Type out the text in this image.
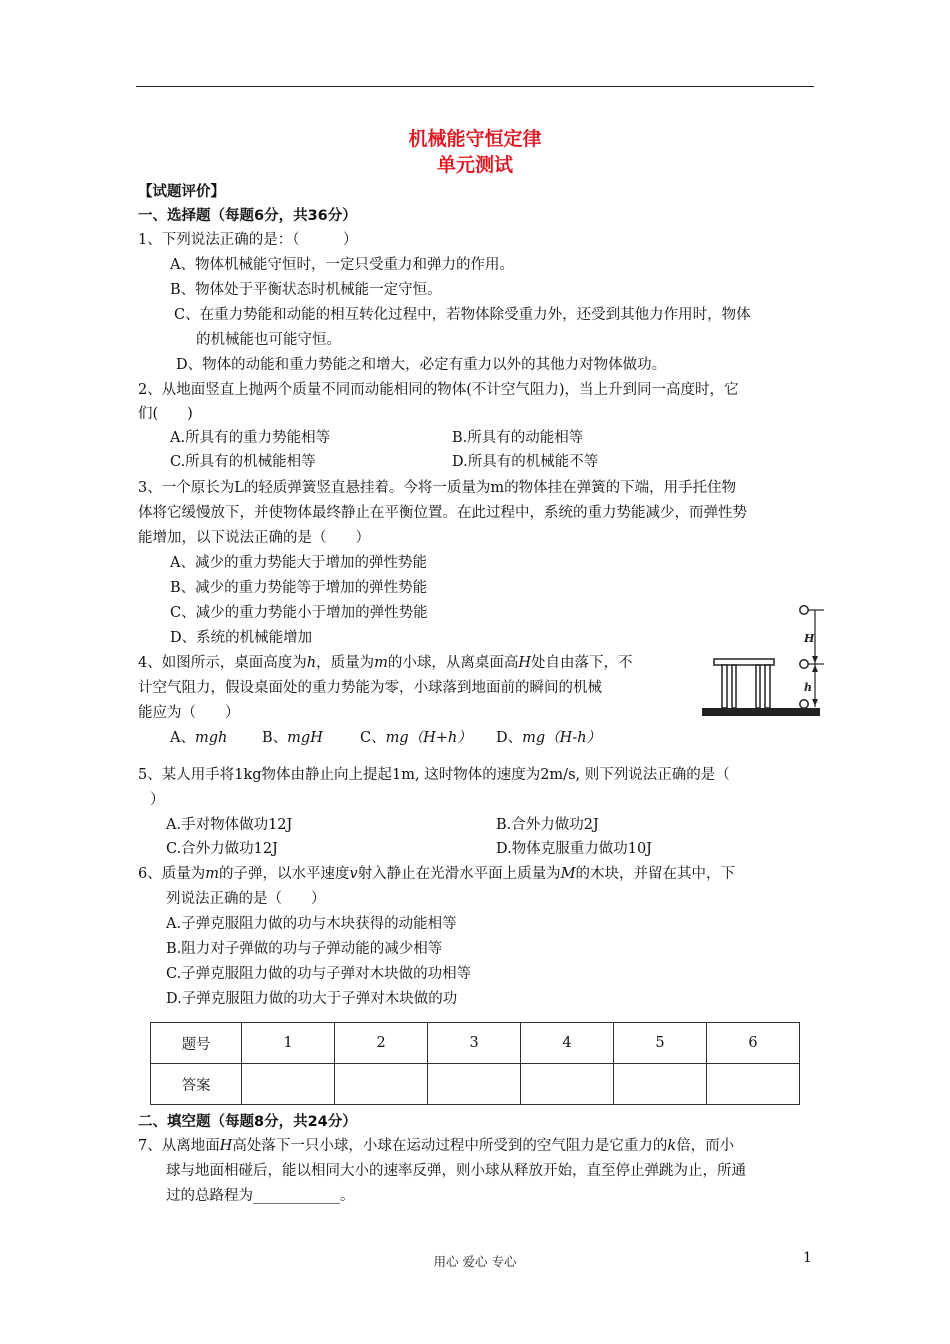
机械能守恒定律
单元测试
【试题评价】
一、选择题（每题6分，共36分）
1、下列说法正确的是：（　　　）
A、物体机械能守恒时，一定只受重力和弹力的作用。
B、物体处于平衡状态时机械能一定守恒。
C、在重力势能和动能的相互转化过程中，若物体除受重力外，还受到其他力作用时，物体
的机械能也可能守恒。
D、物体的动能和重力势能之和增大，必定有重力以外的其他力对物体做功。
2、从地面竖直上抛两个质量不同而动能相同的物体(不计空气阻力)，当上升到同一高度时，它
们(　　)
A.所具有的重力势能相等	B.所具有的动能相等
C.所具有的机械能相等	D.所具有的机械能不等
3、一个原长为L的轻质弹簧竖直悬挂着。今将一质量为m的物体挂在弹簧的下端，用手托住物
体将它缓慢放下，并使物体最终静止在平衡位置。在此过程中，系统的重力势能减少，而弹性势
能增加，以下说法正确的是（　　）
A、减少的重力势能大于增加的弹性势能
B、减少的重力势能等于增加的弹性势能
C、减少的重力势能小于增加的弹性势能
D、系统的机械能增加
4、如图所示，桌面高度为h，质量为m的小球，从离桌面高H处自由落下，不
计空气阻力，假设桌面处的重力势能为零，小球落到地面前的瞬间的机械
能应为（　　）
A、mgh B、mgH	C、mg（H+h） D、mg（H-h）
H
h
5、某人用手将1kg物体由静止向上提起1m, 这时物体的速度为2m/s, 则下列说法正确的是（
）
A.手对物体做功12J	B.合外力做功2J
C.合外力做功12J	D.物体克服重力做功10J
6、质量为m的子弹，以水平速度v射入静止在光滑水平面上质量为M的木块，并留在其中，下
列说法正确的是（　　）
A.子弹克服阻力做的功与木块获得的动能相等
B.阻力对子弹做的功与子弹动能的减少相等
C.子弹克服阻力做的功与子弹对木块做的功相等
D.子弹克服阻力做的功大于子弹对木块做的功
题号	1	2	3	4	5	6
答案						
二、填空题（每题8分，共24分）
7、从离地面H高处落下一只小球，小球在运动过程中所受到的空气阻力是它重力的k倍，而小
球与地面相碰后，能以相同大小的速率反弹，则小球从释放开始，直至停止弹跳为止，所通
过的总路程为____________。
用心 爱心 专心	1
